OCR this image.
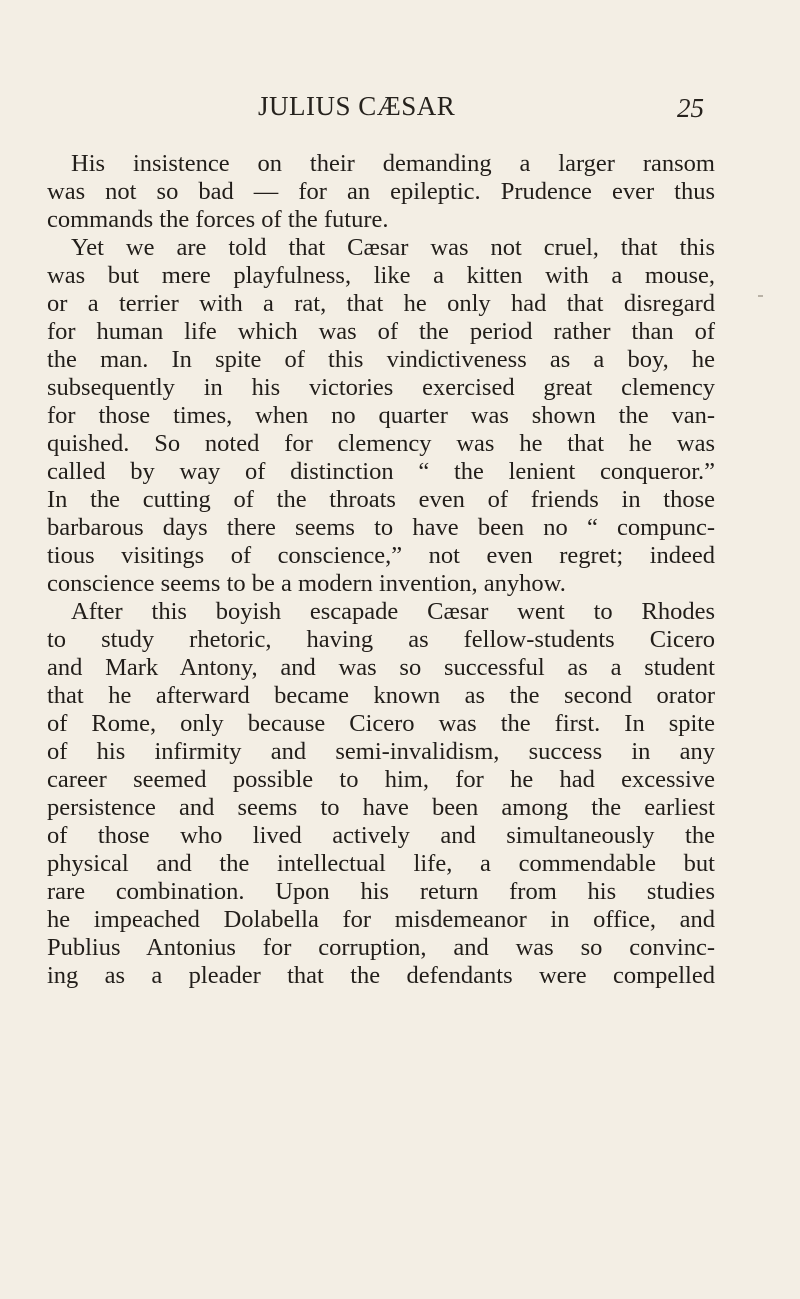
JULIUS CÆSAR	25
His insistence on their demanding a larger ransom
was not so bad — for an epileptic. Prudence ever thus
commands the forces of the future.
Yet we are told that Cæsar was not cruel, that this
was but mere playfulness, like a kitten with a mouse,
or a terrier with a rat, that he only had that disregard
for human life which was of the period rather than of
the man. In spite of this vindictiveness as a boy, he
subsequently in his victories exercised great clemency
for those times, when no quarter was shown the van-
quished. So noted for clemency was he that he was
called by way of distinction “ the lenient conqueror.”
In the cutting of the throats even of friends in those
barbarous days there seems to have been no “ compunc-
tious visitings of conscience,” not even regret; indeed
conscience seems to be a modern invention, anyhow.
After this boyish escapade Cæsar went to Rhodes
to study rhetoric, having as fellow-students Cicero
and Mark Antony, and was so successful as a student
that he afterward became known as the second orator
of Rome, only because Cicero was the first. In spite
of his infirmity and semi-invalidism, success in any
career seemed possible to him, for he had excessive
persistence and seems to have been among the earliest
of those who lived actively and simultaneously the
physical and the intellectual life, a commendable but
rare combination. Upon his return from his studies
he impeached Dolabella for misdemeanor in office, and
Publius Antonius for corruption, and was so convinc-
ing as a pleader that the defendants were compelled
